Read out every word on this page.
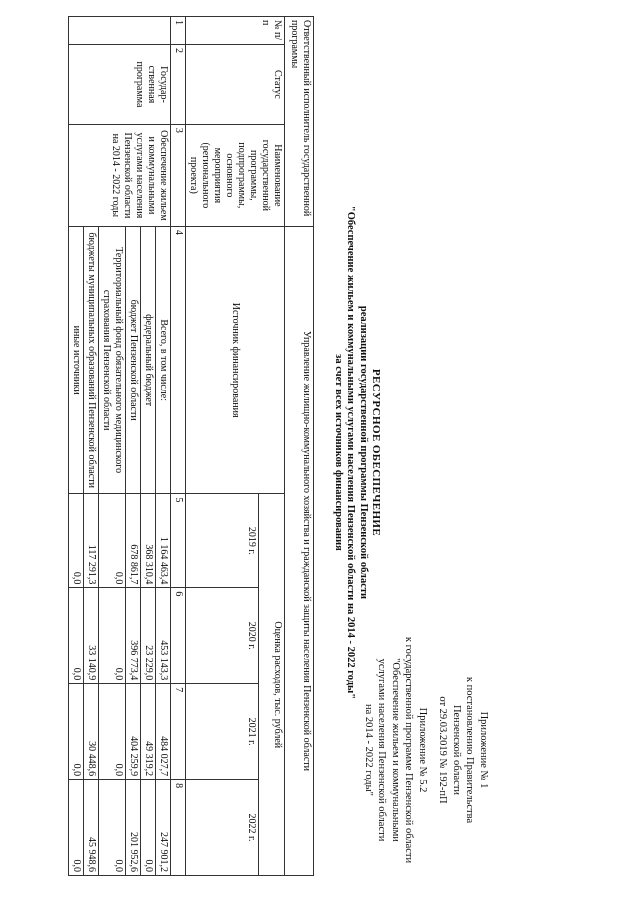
Приложение № 1
к постановлению Правительства
Пензенской области
от 29.03.2019 № 192-пП
Приложение № 5.2
к государственной программе Пензенской области
"Обеспечение жильем и коммунальными
услугами населения Пензенской области
на 2014 - 2022 годы"
РЕСУРСНОЕ ОБЕСПЕЧЕНИЕ
реализации государственной программы Пензенской области
"Обеспечение жильем и коммунальными услугами населения Пензенской области на 2014 - 2022 годы"
за счет всех источников финансирования
Ответственный исполнитель государственной программы			Управление жилищно-коммунального хозяйства и гражданской защиты населения Пензенской области				
№ п/п	Статус	Наименование государственной программы, подпрограммы, основного мероприятия (регионального проекта)	Источник финансирования	Оценка расходов, тыс. рублей			
				2019 г.	2020 г.	2021 г.	2022 г.
1	2	3	4	5	6	7	8
	Государ-ственная программа	Обеспечение жильем и коммунальными услугами населения Пензенской области на 2014 - 2022 годы	Всего, в том числе:	1 164 463,4	453 143,3	484 027,7	247 901,2
			федеральный бюджет	368 310,4	23 229,0	49 319,2	0,0
			бюджет Пензенской области	678 861,7	396 773,4	404 259,9	201 952,6
			Территориальный фонд обязательного медицинского страхования Пензенской области	0,0	0,0	0,0	0,0
			бюджеты муниципальных образований Пензенской области	117 291,3	33 140,9	30 448,6	45 948,6
			иные источники	0,0	0,0	0,0	0,0
